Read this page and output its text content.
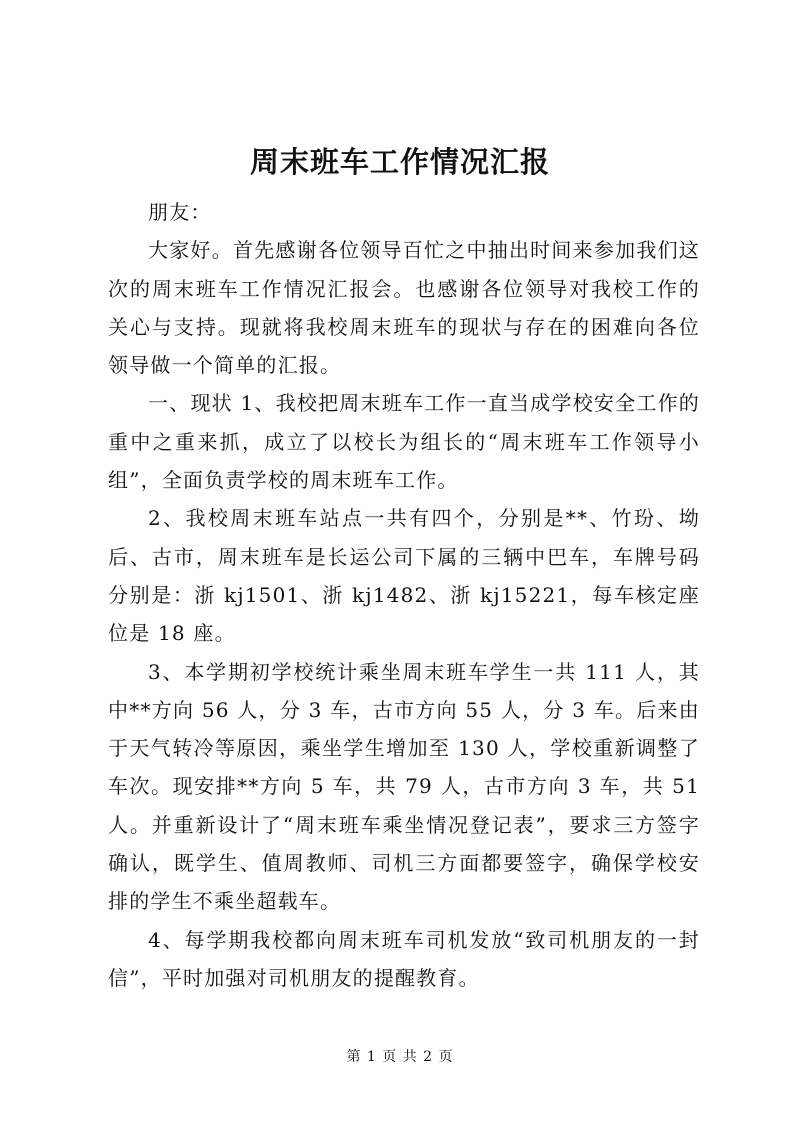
周末班车工作情况汇报

朋友：

大家好。首先感谢各位领导百忙之中抽出时间来参加我们这次的周末班车工作情况汇报会。也感谢各位领导对我校工作的关心与支持。现就将我校周末班车的现状与存在的困难向各位领导做一个简单的汇报。

一、现状 1、我校把周末班车工作一直当成学校安全工作的重中之重来抓，成立了以校长为组长的“周末班车工作领导小组”，全面负责学校的周末班车工作。

2、我校周末班车站点一共有四个，分别是**、竹玢、坳后、古市，周末班车是长运公司下属的三辆中巴车，车牌号码分别是：浙 kj1501、浙 kj1482、浙 kj15221，每车核定座位是 18 座。

3、本学期初学校统计乘坐周末班车学生一共 111 人，其中**方向 56 人，分 3 车，古市方向 55 人，分 3 车。后来由于天气转冷等原因，乘坐学生增加至 130 人，学校重新调整了车次。现安排**方向 5 车，共 79 人，古市方向 3 车，共 51 人。并重新设计了“周末班车乘坐情况登记表”，要求三方签字确认，既学生、值周教师、司机三方面都要签字，确保学校安排的学生不乘坐超载车。

4、每学期我校都向周末班车司机发放“致司机朋友的一封信”，平时加强对司机朋友的提醒教育。

第 1 页 共 2 页
